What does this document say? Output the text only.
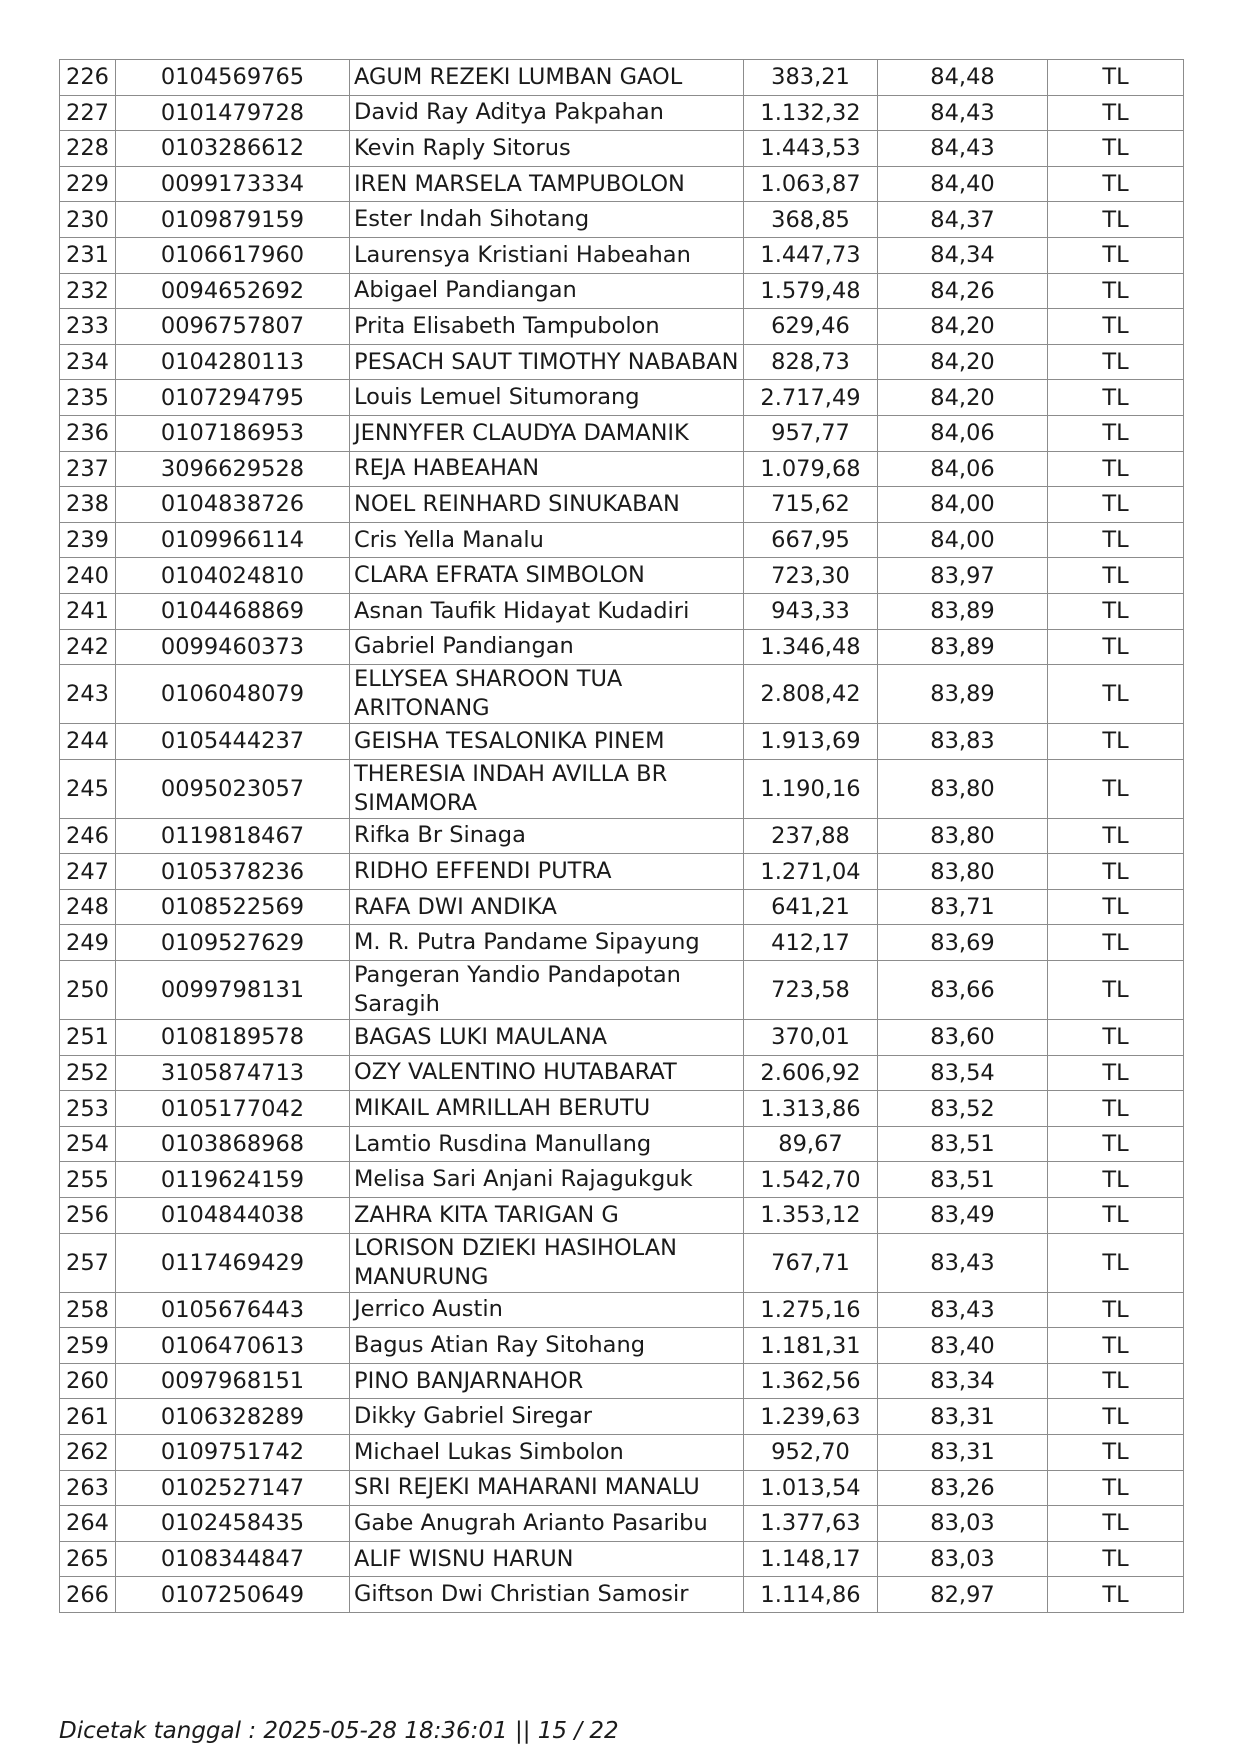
226	0104569765	AGUM REZEKI LUMBAN GAOL	383,21	84,48	TL
227	0101479728	David Ray Aditya Pakpahan	1.132,32	84,43	TL
228	0103286612	Kevin Raply Sitorus	1.443,53	84,43	TL
229	0099173334	IREN MARSELA TAMPUBOLON	1.063,87	84,40	TL
230	0109879159	Ester Indah Sihotang	368,85	84,37	TL
231	0106617960	Laurensya Kristiani Habeahan	1.447,73	84,34	TL
232	0094652692	Abigael Pandiangan	1.579,48	84,26	TL
233	0096757807	Prita Elisabeth Tampubolon	629,46	84,20	TL
234	0104280113	PESACH SAUT TIMOTHY NABABAN	828,73	84,20	TL
235	0107294795	Louis Lemuel Situmorang	2.717,49	84,20	TL
236	0107186953	JENNYFER CLAUDYA DAMANIK	957,77	84,06	TL
237	3096629528	REJA HABEAHAN	1.079,68	84,06	TL
238	0104838726	NOEL REINHARD SINUKABAN	715,62	84,00	TL
239	0109966114	Cris Yella Manalu	667,95	84,00	TL
240	0104024810	CLARA EFRATA SIMBOLON	723,30	83,97	TL
241	0104468869	Asnan Taufik Hidayat Kudadiri	943,33	83,89	TL
242	0099460373	Gabriel Pandiangan	1.346,48	83,89	TL
243	0106048079	ELLYSEA SHAROON TUA ARITONANG	2.808,42	83,89	TL
244	0105444237	GEISHA TESALONIKA PINEM	1.913,69	83,83	TL
245	0095023057	THERESIA INDAH AVILLA BR SIMAMORA	1.190,16	83,80	TL
246	0119818467	Rifka Br Sinaga	237,88	83,80	TL
247	0105378236	RIDHO EFFENDI PUTRA	1.271,04	83,80	TL
248	0108522569	RAFA DWI ANDIKA	641,21	83,71	TL
249	0109527629	M. R. Putra Pandame Sipayung	412,17	83,69	TL
250	0099798131	Pangeran Yandio Pandapotan Saragih	723,58	83,66	TL
251	0108189578	BAGAS LUKI MAULANA	370,01	83,60	TL
252	3105874713	OZY VALENTINO HUTABARAT	2.606,92	83,54	TL
253	0105177042	MIKAIL AMRILLAH BERUTU	1.313,86	83,52	TL
254	0103868968	Lamtio Rusdina Manullang	89,67	83,51	TL
255	0119624159	Melisa Sari Anjani Rajagukguk	1.542,70	83,51	TL
256	0104844038	ZAHRA KITA TARIGAN G	1.353,12	83,49	TL
257	0117469429	LORISON DZIEKI HASIHOLAN MANURUNG	767,71	83,43	TL
258	0105676443	Jerrico Austin	1.275,16	83,43	TL
259	0106470613	Bagus Atian Ray Sitohang	1.181,31	83,40	TL
260	0097968151	PINO BANJARNAHOR	1.362,56	83,34	TL
261	0106328289	Dikky Gabriel Siregar	1.239,63	83,31	TL
262	0109751742	Michael Lukas Simbolon	952,70	83,31	TL
263	0102527147	SRI REJEKI MAHARANI MANALU	1.013,54	83,26	TL
264	0102458435	Gabe Anugrah Arianto Pasaribu	1.377,63	83,03	TL
265	0108344847	ALIF WISNU HARUN	1.148,17	83,03	TL
266	0107250649	Giftson Dwi Christian Samosir	1.114,86	82,97	TL
Dicetak tanggal : 2025-05-28 18:36:01 || 15 / 22
